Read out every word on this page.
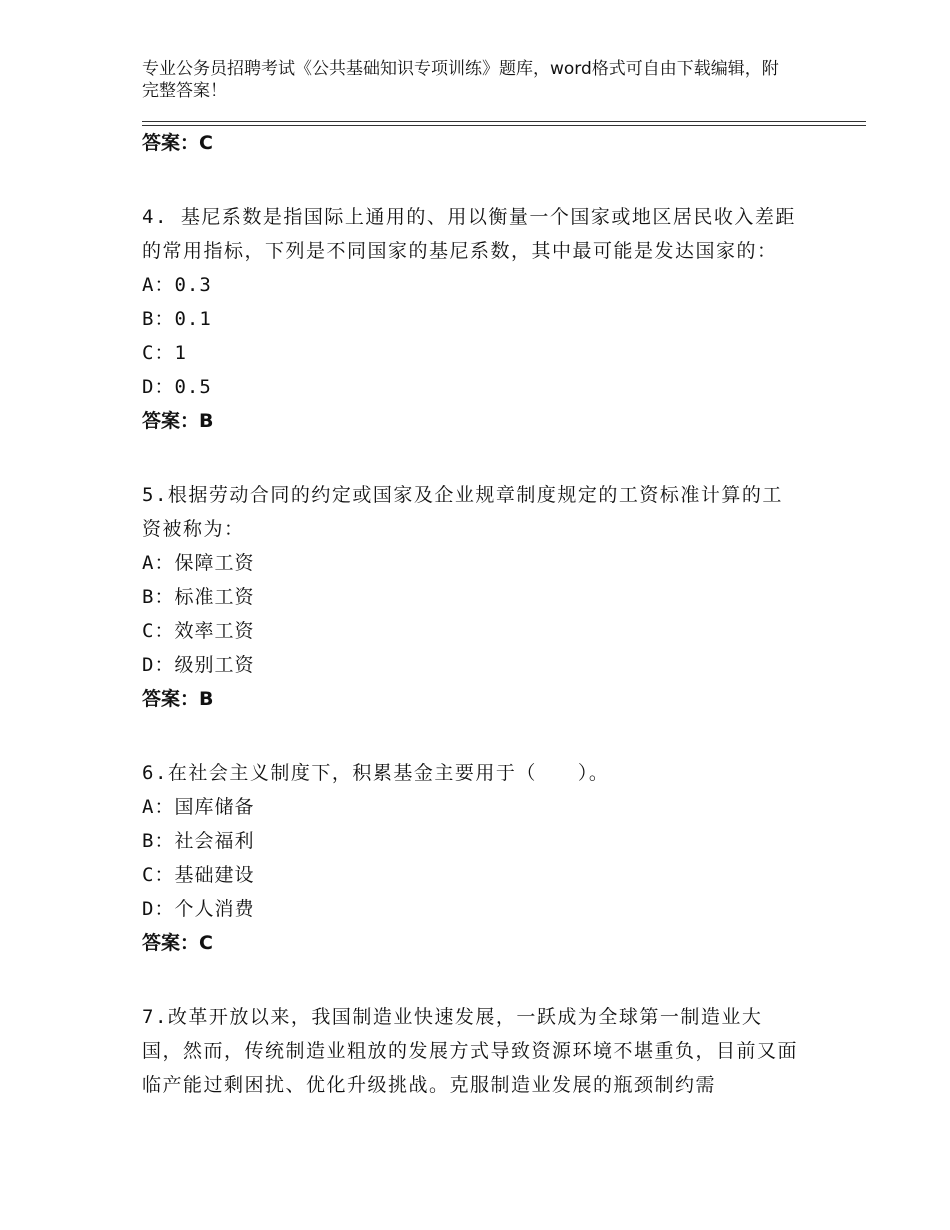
专业公务员招聘考试《公共基础知识专项训练》题库，word格式可自由下载编辑，附完整答案！
答案：C
4. 基尼系数是指国际上通用的、用以衡量一个国家或地区居民收入差距的常用指标，下列是不同国家的基尼系数，其中最可能是发达国家的：
A：0.3
B：0.1
C：1
D：0.5
答案：B
5.根据劳动合同的约定或国家及企业规章制度规定的工资标准计算的工资被称为：
A：保障工资
B：标准工资
C：效率工资
D：级别工资
答案：B
6.在社会主义制度下，积累基金主要用于（　　）。
A：国库储备
B：社会福利
C：基础建设
D：个人消费
答案：C
7.改革开放以来，我国制造业快速发展，一跃成为全球第一制造业大国，然而，传统制造业粗放的发展方式导致资源环境不堪重负，目前又面临产能过剩困扰、优化升级挑战。克服制造业发展的瓶颈制约需
